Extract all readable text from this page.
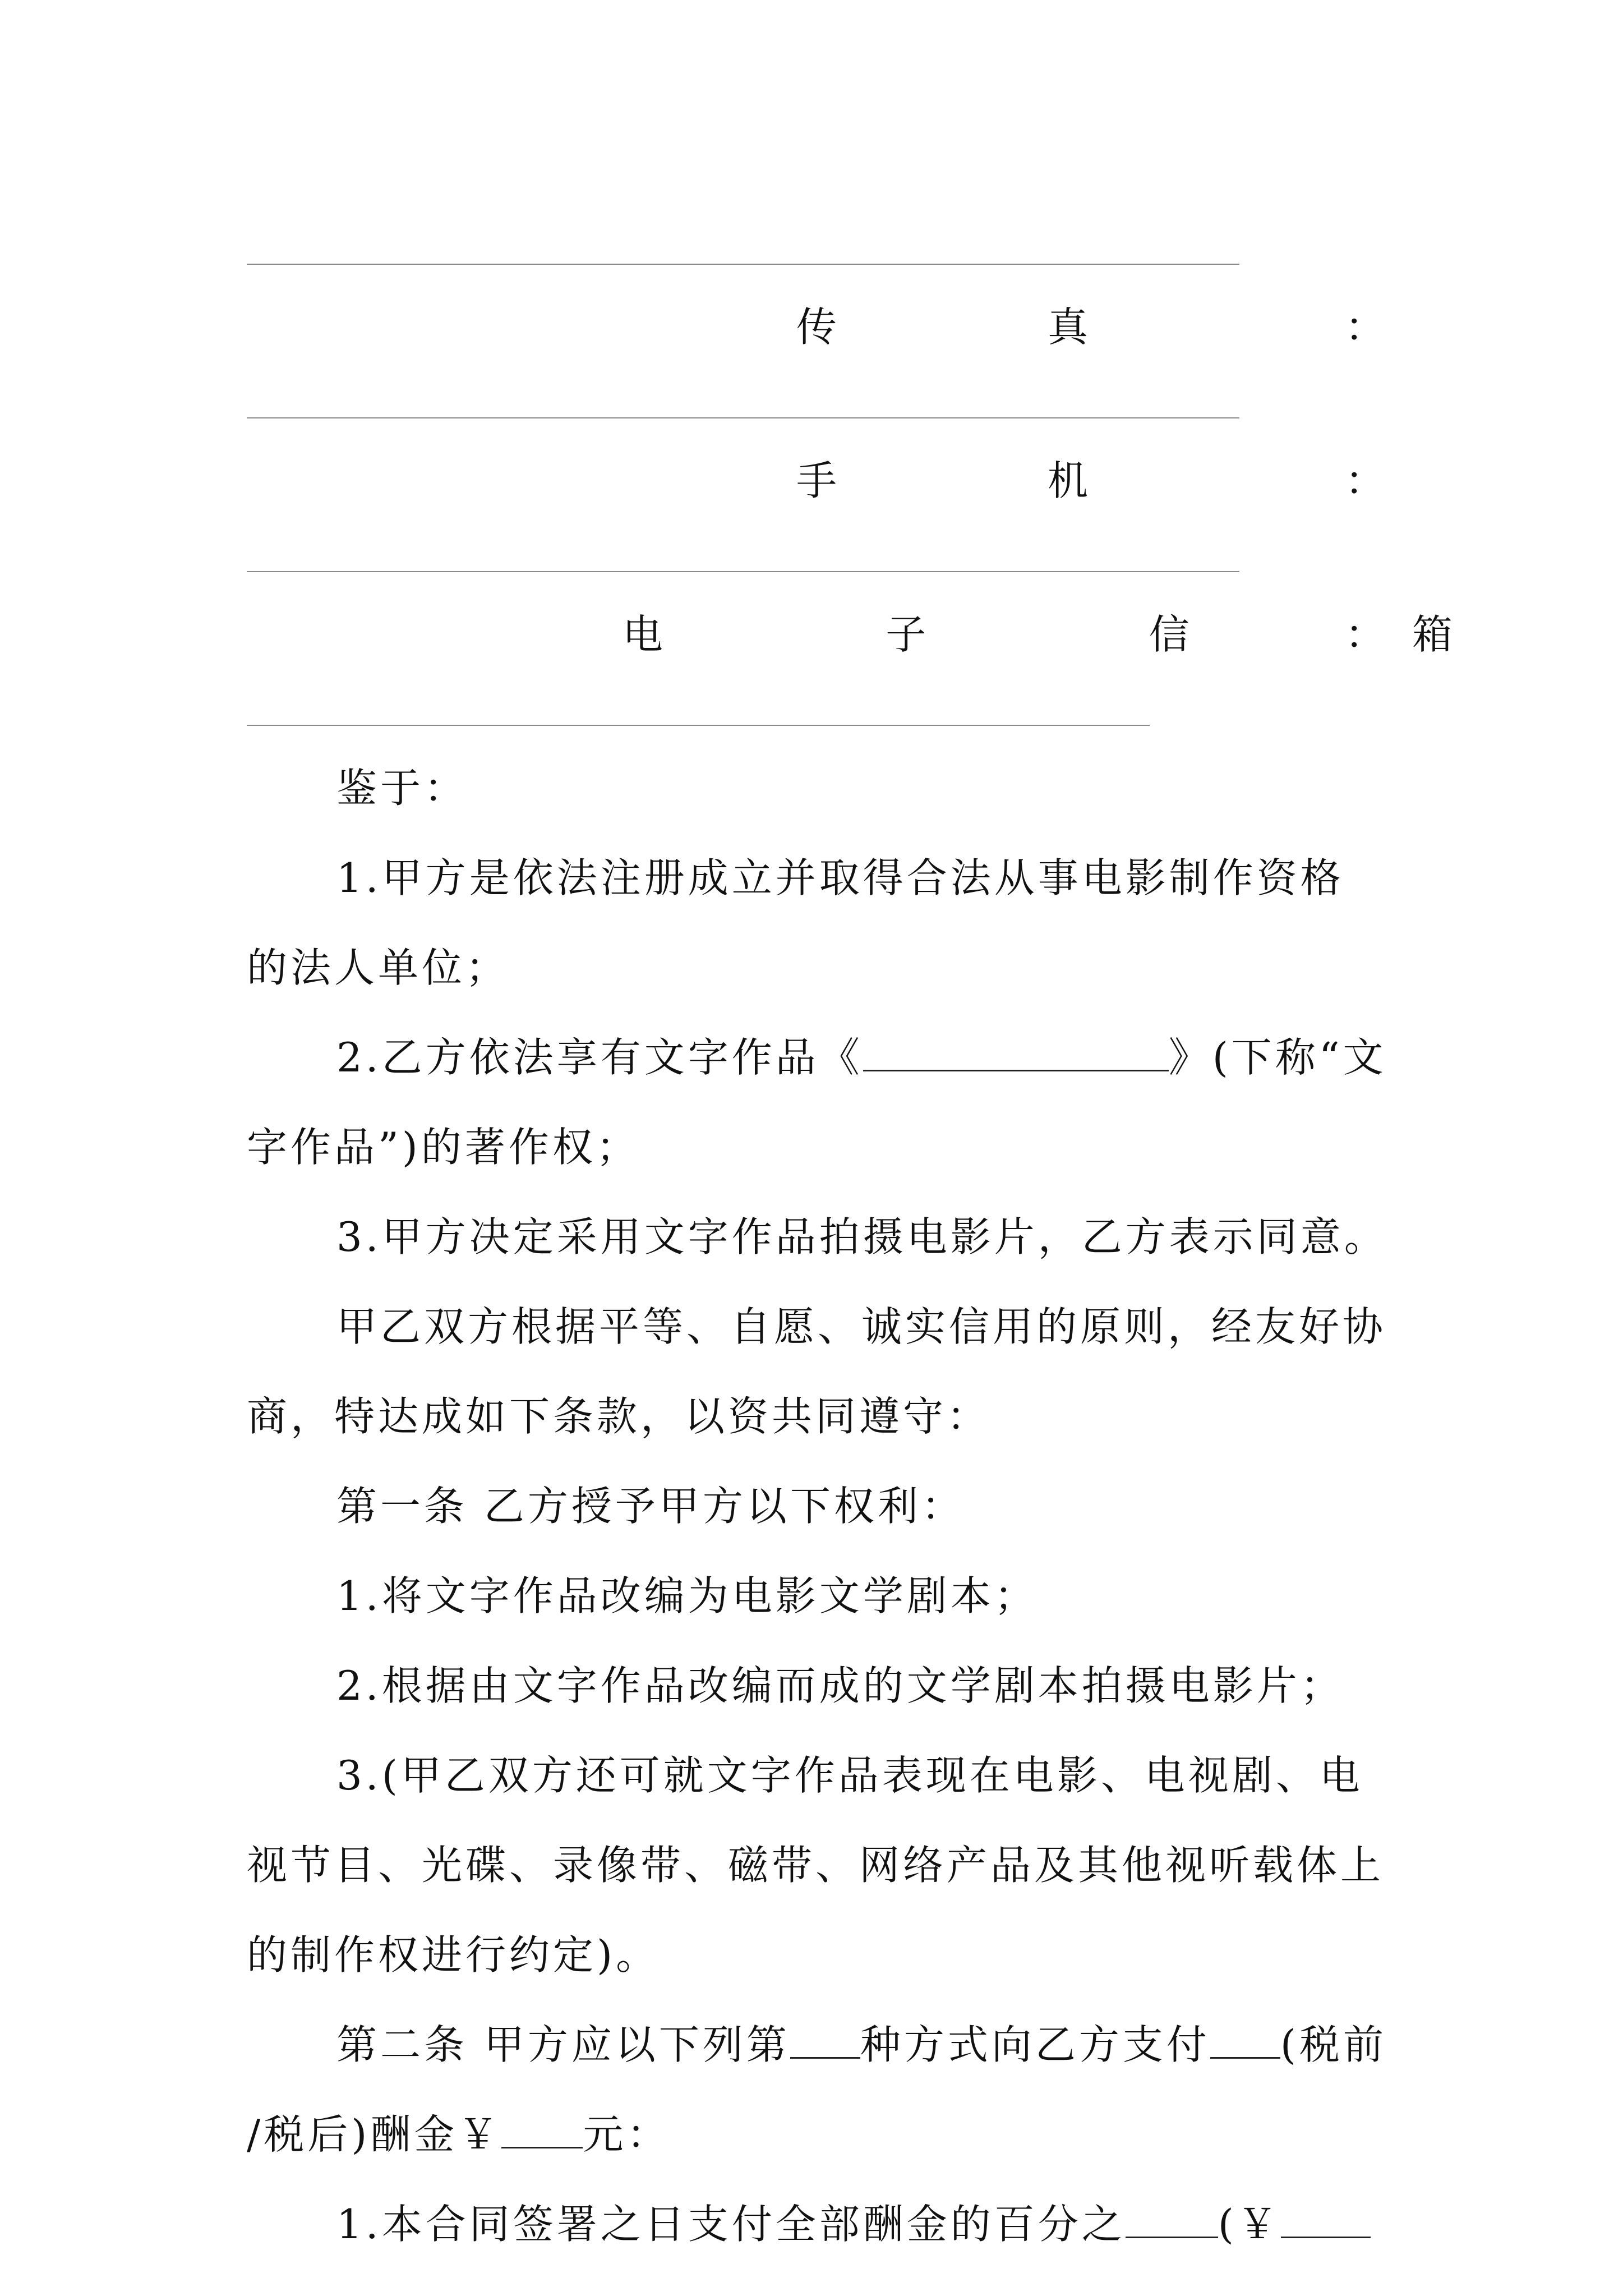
传	真	：
手	机	：
电	子	信	箱
：

鉴于：

1.甲方是依法注册成立并取得合法从事电影制作资格

的法人单位；

2.乙方依法享有文字作品《	》(下称“文

字作品”)的著作权；

3.甲方决定采用文字作品拍摄电影片，乙方表示同意。

甲乙双方根据平等、自愿、诚实信用的原则，经友好协

商，特达成如下条款，以资共同遵守：

第一条 乙方授予甲方以下权利：

1.将文字作品改编为电影文学剧本；

2.根据由文字作品改编而成的文学剧本拍摄电影片；

3.(甲乙双方还可就文字作品表现在电影、电视剧、电

视节目、光碟、录像带、磁带、网络产品及其他视听载体上

的制作权进行约定)。

第二条 甲方应以下列第 种方式向乙方支付 (税前

/税后)酬金￥ 元：

1.本合同签署之日支付全部酬金的百分之 (￥
